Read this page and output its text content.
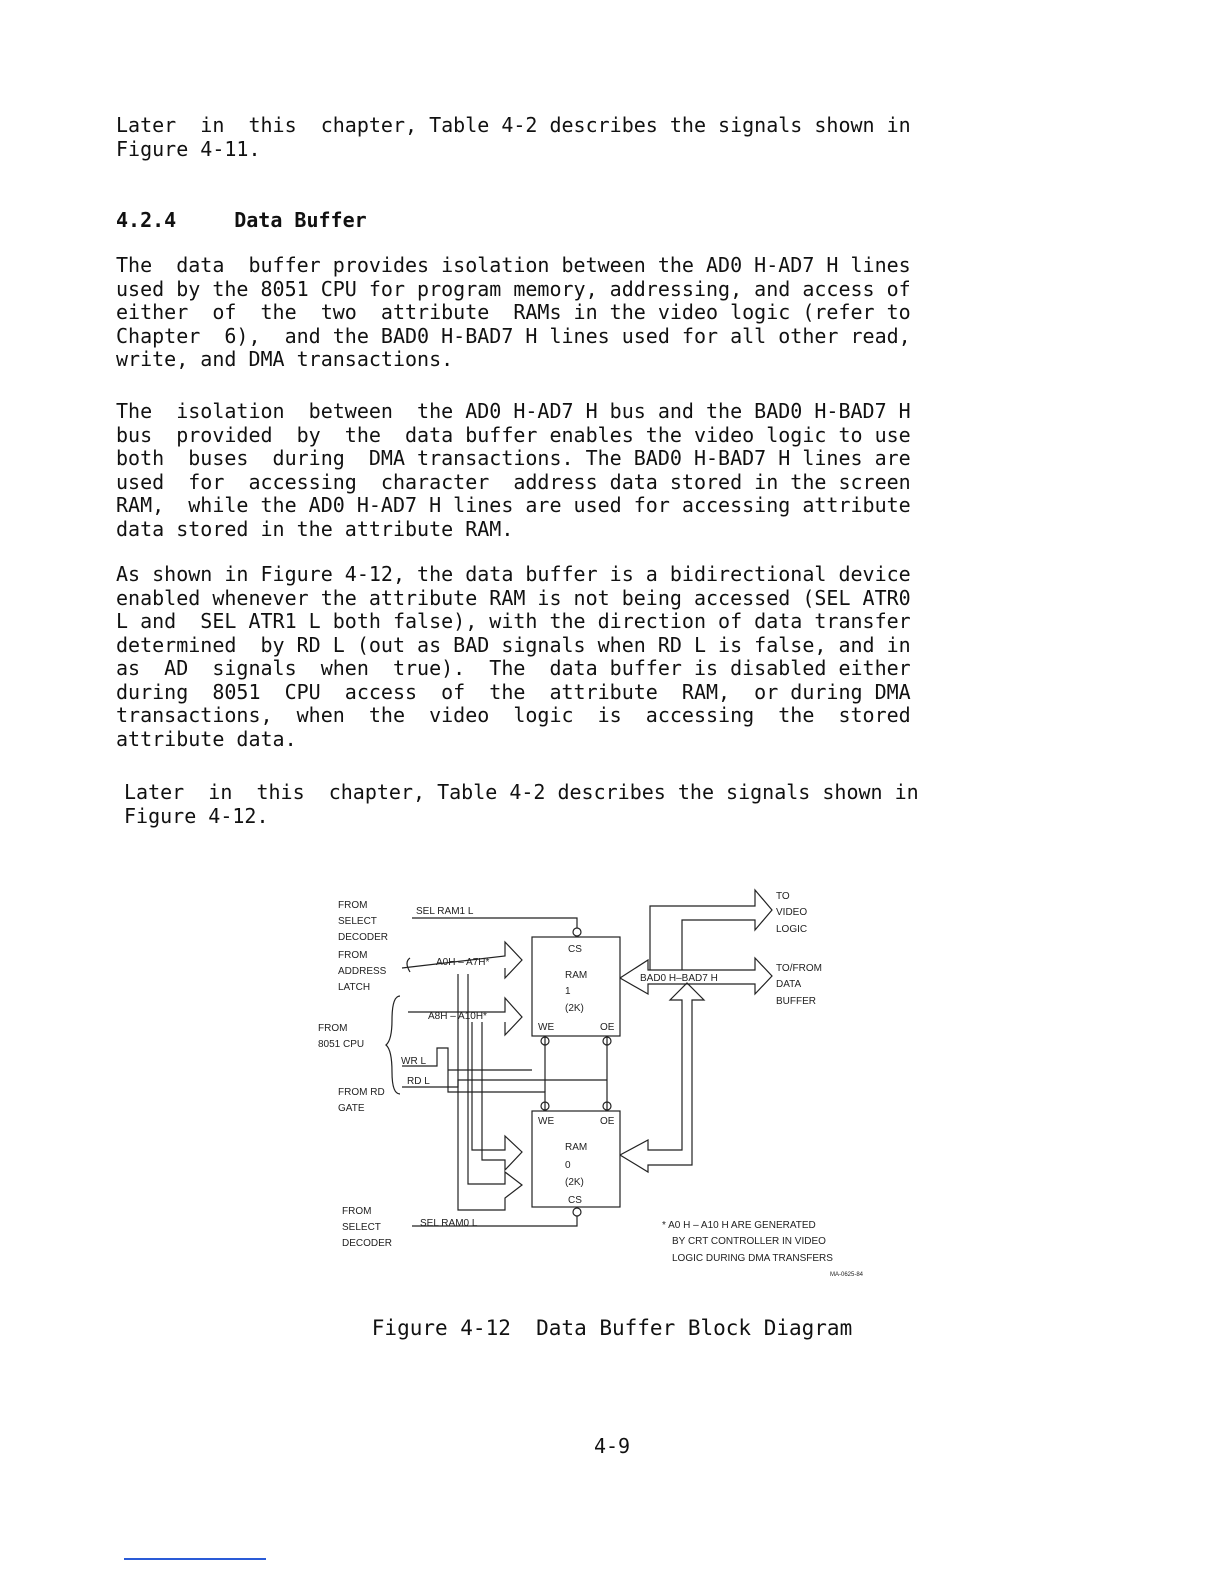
Later  in  this  chapter, Table 4-2 describes the signals shown in
Figure 4-11.
4.2.4	Data Buffer
The  data  buffer provides isolation between the AD0 H-AD7 H lines
used by the 8051 CPU for program memory, addressing, and access of
either  of  the  two  attribute  RAMs in the video logic (refer to
Chapter  6),  and the BAD0 H-BAD7 H lines used for all other read,
write, and DMA transactions.
The  isolation  between  the AD0 H-AD7 H bus and the BAD0 H-BAD7 H
bus  provided  by  the  data buffer enables the video logic to use
both  buses  during  DMA transactions. The BAD0 H-BAD7 H lines are
used  for  accessing  character  address data stored in the screen
RAM,  while the AD0 H-AD7 H lines are used for accessing attribute
data stored in the attribute RAM.
As shown in Figure 4-12, the data buffer is a bidirectional device
enabled whenever the attribute RAM is not being accessed (SEL ATR0
L and  SEL ATR1 L both false), with the direction of data transfer
determined  by RD L (out as BAD signals when RD L is false, and in
as  AD  signals  when  true).  The  data buffer is disabled either
during  8051  CPU  access  of  the  attribute  RAM,  or during DMA
transactions,  when  the  video  logic  is  accessing  the  stored
attribute data.
Later  in  this  chapter, Table 4-2 describes the signals shown in
Figure 4-12.
FROM SELECT DECODER
SEL RAM1 L
FROM ADDRESS LATCH
A0H – A7H*
A8H – A10H*
FROM 8051 CPU
WR L
RD L
FROM RD GATE
CS
RAM 1 (2K)
WE	OE
WE	OE
RAM 0 (2K)
CS
BAD0 H–BAD7 H
TO VIDEO LOGIC
TO/FROM DATA BUFFER
FROM SELECT DECODER
SEL RAM0 L	* A0 H – A10 H ARE GENERATED BY CRT CONTROLLER IN VIDEO LOGIC DURING DMA TRANSFERS
MA-0625-84
Figure 4-12  Data Buffer Block Diagram
4-9
